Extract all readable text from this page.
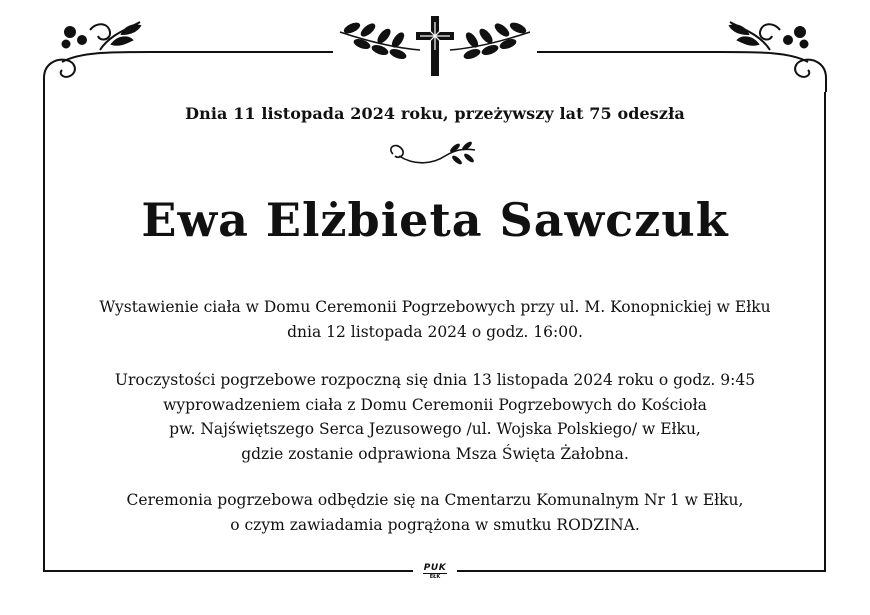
PUK
EŁK
Dnia 11 listopada 2024 roku, przeżywszy lat 75 odeszła
Ewa Elżbieta Sawczuk
Wystawienie ciała w Domu Ceremonii Pogrzebowych przy ul. M. Konopnickiej w Ełku
dnia 12 listopada 2024 o godz. 16:00.
Uroczystości pogrzebowe rozpoczną się dnia 13 listopada 2024 roku o godz. 9:45
wyprowadzeniem ciała z Domu Ceremonii Pogrzebowych do Kościoła
pw. Najświętszego Serca Jezusowego /ul. Wojska Polskiego/ w Ełku,
gdzie zostanie odprawiona Msza Święta Żałobna.
Ceremonia pogrzebowa odbędzie się na Cmentarzu Komunalnym Nr 1 w Ełku,
o czym zawiadamia pogrążona w smutku RODZINA.
